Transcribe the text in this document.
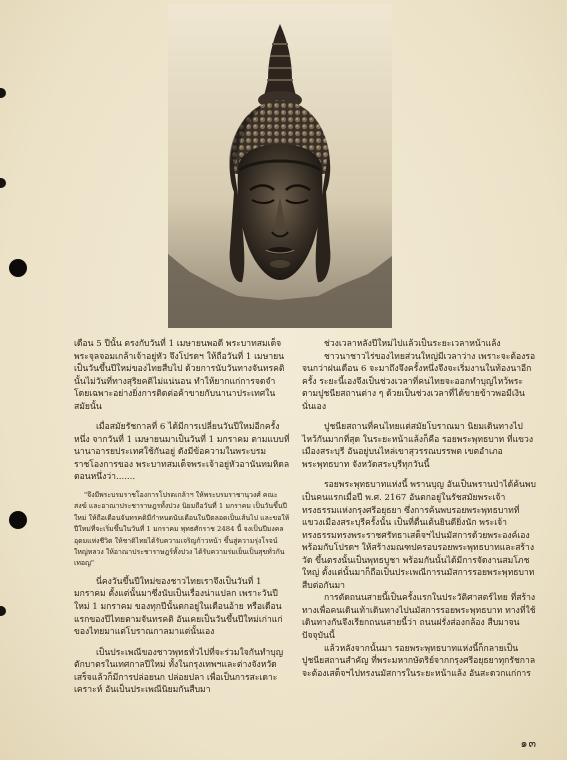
เดือน 5 ปีนั้น ตรงกับวันที่ 1 เมษายนพอดี พระบาทสมเด็จพระจุลจอมเกล้าเจ้าอยู่หัว จึงโปรดฯ ให้ถือวันที่ 1 เมษายน เป็นวันขึ้นปีใหม่ของไทยสืบไป ด้วยการนับวันทางจันทรคตินั้นไม่วันที่ทางสุริยคติไม่แน่นอน ทำให้ยากแก่การจดจำ โดยเฉพาะอย่างยิ่งการติดต่อค้าขายกับนานาประเทศในสมัยนั้น

เมื่อสมัยรัชกาลที่ 6 ได้มีการเปลี่ยนวันปีใหม่อีกครั้งหนึ่ง จากวันที่ 1 เมษายนมาเป็นวันที่ 1 มกราคม ตามแบบที่นานาอารยประเทศใช้กันอยู่ ดังมีข้อความในพระบรมราชโองการของ พระบาทสมเด็จพระเจ้าอยู่หัวอานันทมหิดลตอนหนึ่งว่า.......

"จึงมีพระบรมราชโองการโปรดเกล้าฯ ให้พระบรมราชานุวงศ์ คณะสงฆ์ และอาณาประชาราษฎรทั้งปวง นิยมถือวันที่ 1 มกราคม เป็นวันขึ้นปีใหม่ ให้ถือเดือนจันทรคติมีกำหนดนับเดือนในปีตลอดเป็นเส้นไป และขอให้ปีใหม่ที่จะเริ่มขึ้นในวันที่ 1 มกราคม พุทธศักราช 2484 นี้ จงเป็นปีมงคลอุดมแห่งชีวิต ให้ชาติไทยได้รับความเจริญก้าวหน้า ขึ้นสู่ความรุ่งโรจน์ใหญ่หลวง ให้อาณาประชาราษฎร์ทั้งปวง ได้รับความร่มเย็นเป็นสุขทั่วกัน เทอญ"

นี่คงวันขึ้นปีใหม่ของชาวไทยเราจึงเป็นวันที่ 1 มกราคม ตั้งแต่นั้นมาซึ่งนับเป็นเรื่องน่าแปลก เพราะวันปีใหม่ 1 มกราคม ของทุกปีนั้นตกอยู่ในเดือนอ้าย หรือเดือนแรกของปีไทยตามจันทรคติ อันเคยเป็นวันขึ้นปีใหม่เก่าแก่ของไทยมาแต่โบราณกาลมาแต่นั้นเอง

เป็นประเพณีของชาวพุทธทั่วไปที่จะร่วมใจกันทำบุญตักบาตรในเทศกาลปีใหม่ ทั้งในกรุงเทพฯและต่างจังหวัด เสร็จแล้วก็มีการปล่อยนก ปล่อยปลา เพื่อเป็นการสะเดาะเคราะห์ อันเป็นประเพณีนิยมกันสืบมา

ช่วงเวลาหลังปีใหม่ไปแล้วเป็นระยะเวลาหน้าแล้ง

ชาวนาชาวไร่ของไทยส่วนใหญ่มีเวลาว่าง เพราะจะต้องรอจนกว่าฝนเดือน 6 จะมาถึงจึงครั้งหนึ่งจึงจะเริ่มงานในท้องนาอีกครั้ง ระยะนี้เองจึงเป็นช่วงเวลาที่คนไทยจะออกทำบุญไหว้พระตามปูชนียสถานต่าง ๆ ด้วยเป็นช่วงเวลาที่ได้ขายข้าวพอมีเงินนั่นเอง

ปูชนียสถานที่คนไทยแต่สมัยโบราณมา นิยมเดินทางไปไหว้กันมากที่สุด ในระยะหน้าแล้งก็คือ รอยพระพุทธบาท ที่แขวงเมืองสระบุรี อันอยู่บนไหล่เขาสุวรรณบรรพต เขตอำเภอพระพุทธบาท จังหวัดสระบุรีทุกวันนี้

รอยพระพุทธบาทแห่งนี้ พรานบุญ อันเป็นพรานป่าได้ค้นพบเป็นคนแรกเมื่อปี พ.ศ. 2167 อันตกอยู่ในรัชสมัยพระเจ้าทรงธรรมแห่งกรุงศรีอยุธยา ซึ่งการค้นพบรอยพระพุทธบาทที่แขวงเมืองสระบุรีครั้งนั้น เป็นที่ตื่นเต้นยินดียิ่งนัก พระเจ้าทรงธรรมทรงพระราชศรัทธาเสด็จฯไปนมัสการด้วยพระองค์เอง พร้อมกับโปรดฯ ให้สร้างมณฑปครอบรอยพระพุทธบาทและสร้างวัด ขึ้นตรงนั้นเป็นพุทธบูชา พร้อมกันนั้นได้มีการจัดงานสมโภชใหญ่ ตั้งแต่นั้นมาก็ถือเป็นประเพณีการนมัสการรอยพระพุทธบาทสืบต่อกันมา

การตัดถนนสายนี้เป็นครั้งแรกในประวัติศาสตร์ไทย ที่สร้างทางเพื่อคนเดินเท้าเดินทางไปนมัสการรอยพระพุทธบาท ทางที่ใช้เดินทางกันจึงเรียกถนนสายนี้ว่า ถนนฝรั่งส่องกล้อง สืบมาจนปัจจุบันนี้

แล้วหลังจากนั้นมา รอยพระพุทธบาทแห่งนี้ก็กลายเป็นปูชนียสถานสำคัญ ที่พระมหากษัตริย์จากกรุงศรีอยุธยาทุกรัชกาลจะต้องเสด็จฯไปทรงนมัสการในระยะหน้าแล้ง อันสะดวกแก่การ

๑๓
